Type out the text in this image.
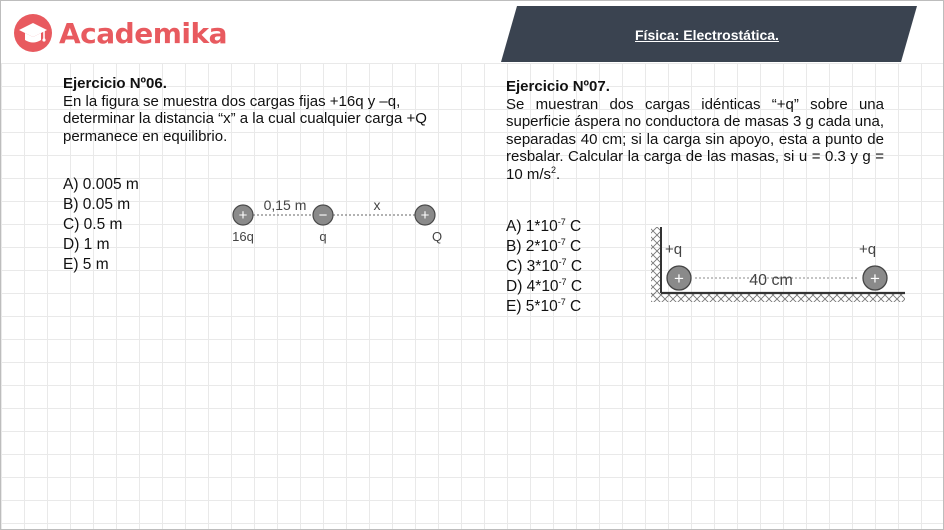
Academika	Física: Electrostática.
Ejercicio Nº06.
En la figura se muestra dos cargas fijas +16q y –q, determinar la distancia “x” a la cual cualquier carga +Q permanece en equilibrio.
A) 0.005 m
B) 0.05 m
C) 0.5 m
D) 1 m
E) 5 m
+	−	+
0,15 m	x
16q	q	Q
Ejercicio Nº07.
Se muestran dos cargas idénticas “+q” sobre una superficie áspera no conductora de masas 3 g cada una, separadas 40 cm; si la carga sin apoyo, esta a punto de resbalar. Calcular la carga de las masas, si u = 0.3 y g = 10 $m/s^2$.
A) $1*10^{-7}$ C
B) $2*10^{-7}$ C
C) $3*10^{-7}$ C
D) $4*10^{-7}$ C
E) $5*10^{-7}$ C
+	+
+q	+q
40 cm
